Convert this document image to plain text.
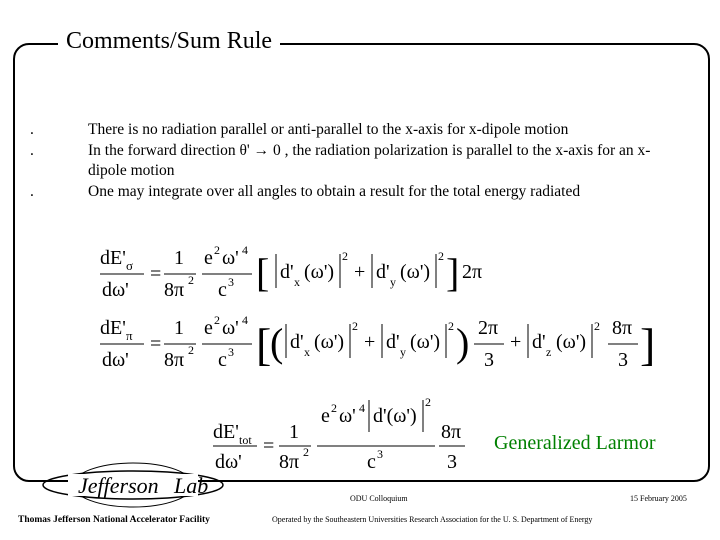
Comments/Sum Rule
.	There is no radiation parallel or anti-parallel to the x-axis for x-dipole motion
.	In the forward direction θ' → 0 , the radiation polarization is parallel to the x-axis for an x-dipole motion
.	One may integrate over all angles to obtain a result for the total energy radiated
dE' σ
dω'
=
1
8π 2
e 2 ω' 4
c 3 [ d' x (ω')
2
+ d' y (ω')
2 ] 2π
dE' π
dω'
=
1
8π 2
e 2 ω' 4
c 3 [
( d' x (ω')
2
+ d' y (ω')
2 ) 2π
3
+ d' z (ω')
2 8π
3 ]
dE' tot
dω'
=
1
8π 2
e 2 ω' 4 d'(ω')
2
c 3
8π
3
Generalized Larmor
Jefferson Lab
Thomas Jefferson National Accelerator Facility	Operated by the Southeastern Universities Research Association for the U. S. Department of Energy
ODU Colloquium	15 February 2005
